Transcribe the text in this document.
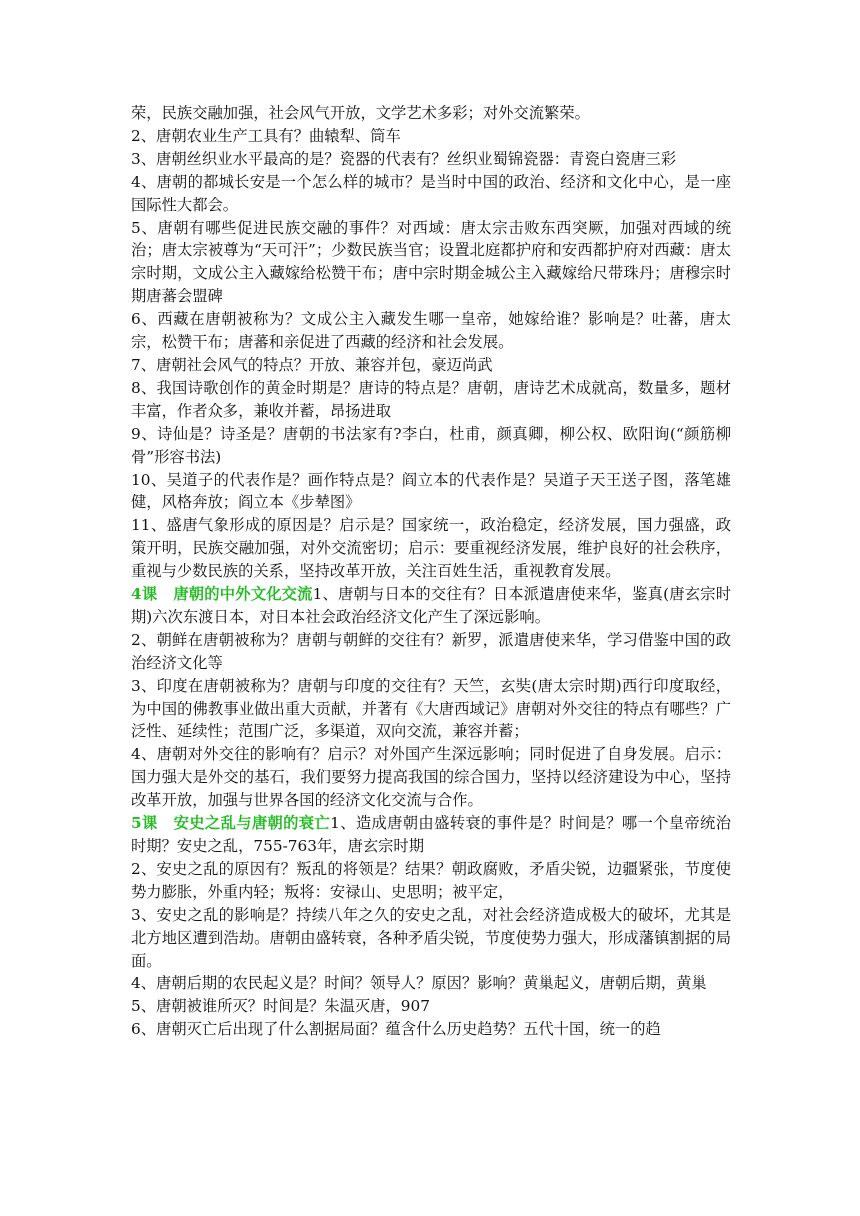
荣，民族交融加强，社会风气开放，文学艺术多彩；对外交流繁荣。

2、唐朝农业生产工具有？曲辕犁、筒车

3、唐朝丝织业水平最高的是？瓷器的代表有？丝织业蜀锦瓷器：青瓷白瓷唐三彩

4、唐朝的都城长安是一个怎么样的城市？是当时中国的政治、经济和文化中心，是一座国际性大都会。

5、唐朝有哪些促进民族交融的事件？对西域：唐太宗击败东西突厥，加强对西域的统治；唐太宗被尊为“天可汗”；少数民族当官；设置北庭都护府和安西都护府对西藏：唐太宗时期，文成公主入藏嫁给松赞干布；唐中宗时期金城公主入藏嫁给尺带珠丹；唐穆宗时期唐蕃会盟碑

6、西藏在唐朝被称为？文成公主入藏发生哪一皇帝，她嫁给谁？影响是？吐蕃，唐太宗，松赞干布；唐蕃和亲促进了西藏的经济和社会发展。

7、唐朝社会风气的特点？开放、兼容并包，豪迈尚武

8、我国诗歌创作的黄金时期是？唐诗的特点是？唐朝，唐诗艺术成就高，数量多，题材丰富，作者众多，兼收并蓄，昂扬进取

9、诗仙是？诗圣是？唐朝的书法家有?李白，杜甫，颜真卿，柳公权、欧阳询(“颜筋柳骨”形容书法)

10、吴道子的代表作是？画作特点是？阎立本的代表作是？吴道子天王送子图，落笔雄健，风格奔放；阎立本《步辇图》

11、盛唐气象形成的原因是？启示是？国家统一，政治稳定，经济发展，国力强盛，政策开明，民族交融加强，对外交流密切；启示：要重视经济发展，维护良好的社会秩序，重视与少数民族的关系，坚持改革开放，关注百姓生活，重视教育发展。

4课 唐朝的中外文化交流1、唐朝与日本的交往有？日本派遣唐使来华，鉴真(唐玄宗时期)六次东渡日本，对日本社会政治经济文化产生了深远影响。

2、朝鲜在唐朝被称为？唐朝与朝鲜的交往有？新罗，派遣唐使来华，学习借鉴中国的政治经济文化等

3、印度在唐朝被称为？唐朝与印度的交往有？天竺，玄奘(唐太宗时期)西行印度取经，为中国的佛教事业做出重大贡献，并著有《大唐西域记》唐朝对外交往的特点有哪些？广泛性、延续性；范围广泛，多渠道，双向交流，兼容并蓄；

4、唐朝对外交往的影响有？启示？对外国产生深远影响；同时促进了自身发展。启示：国力强大是外交的基石，我们要努力提高我国的综合国力，坚持以经济建设为中心，坚持改革开放，加强与世界各国的经济文化交流与合作。

5课 安史之乱与唐朝的衰亡1、造成唐朝由盛转衰的事件是？时间是？哪一个皇帝统治时期？安史之乱，755-763年，唐玄宗时期

2、安史之乱的原因有？叛乱的将领是？结果？朝政腐败，矛盾尖锐，边疆紧张，节度使势力膨胀，外重内轻；叛将：安禄山、史思明；被平定，

3、安史之乱的影响是？持续八年之久的安史之乱，对社会经济造成极大的破坏，尤其是北方地区遭到浩劫。唐朝由盛转衰，各种矛盾尖锐，节度使势力强大，形成藩镇割据的局面。

4、唐朝后期的农民起义是？时间？领导人？原因？影响？黄巢起义，唐朝后期，黄巢

5、唐朝被谁所灭？时间是？朱温灭唐，907

6、唐朝灭亡后出现了什么割据局面？蕴含什么历史趋势？五代十国，统一的趋
